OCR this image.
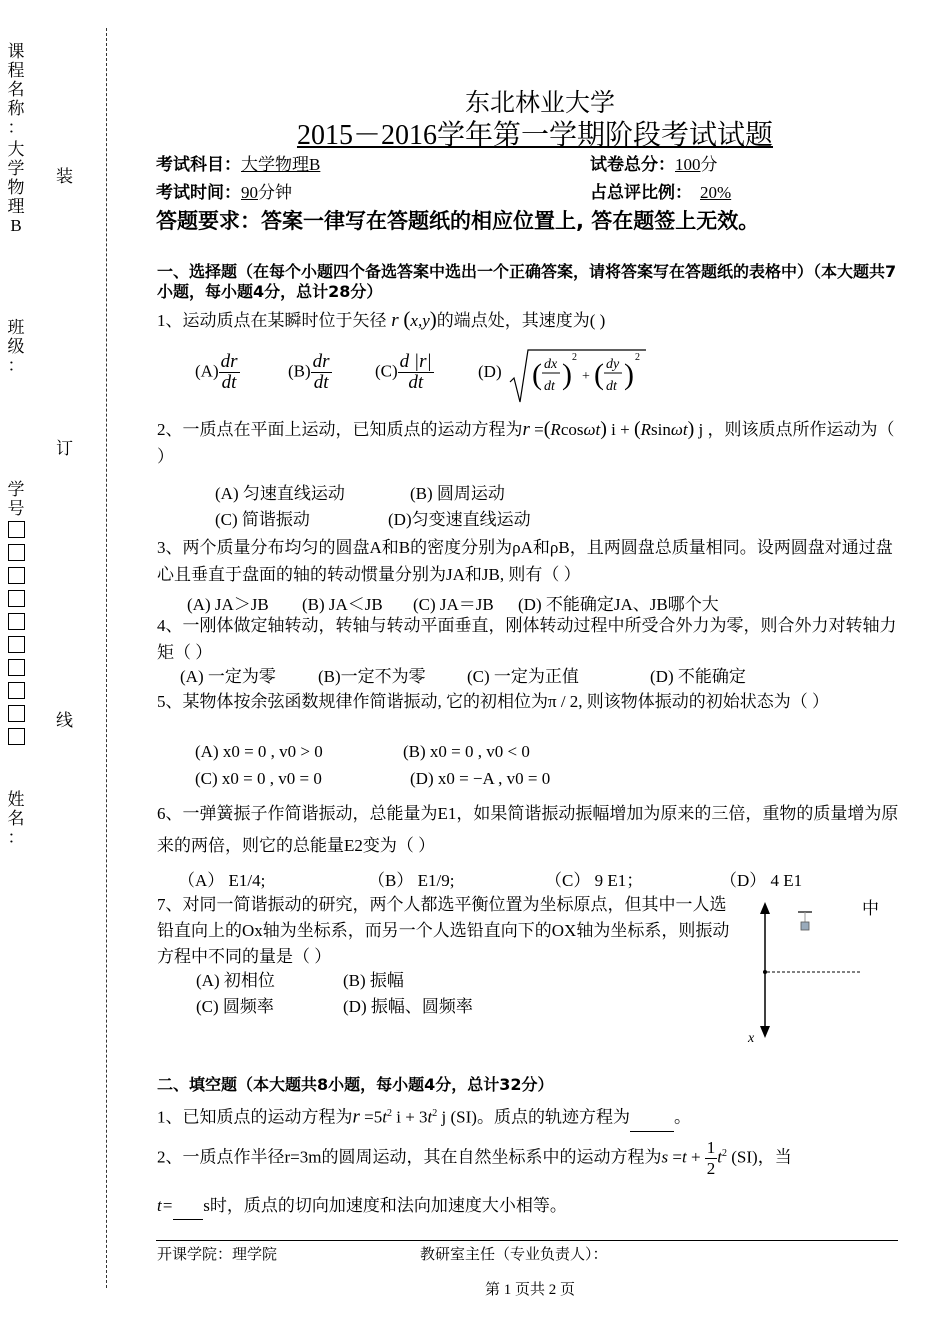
课
程
名
称
：
大
学
物
理
B
班
级
：
学
号
姓
名
：
装
订
线
东北林业大学
2015－2016学年第一学期阶段考试试题
考试科目：大学物理B	试卷总分：100分
考试时间：90分钟	占总评比例： 20%
答题要求：答案一律写在答题纸的相应位置上, 答在题签上无效。
一、选择题（在每个小题四个备选答案中选出一个正确答案，请将答案写在答题纸的表格中）（本大题共7小题，每小题4分，总计28分）
1、运动质点在某瞬时位于矢径 r (x,y)的端点处，其速度为( )
$(A) \frac{dr}{dt}$	$(B) \frac{dr}{dt}$	$(C) \frac{d |r|}{dt}$	(D) ( dx
dt )
2
+ ( dy
dt )
2
2、一质点在平面上运动，已知质点的运动方程为r =(Rcosωt) i + (Rsinωt) j ，则该质点所作运动为（ ）
(A) 匀速直线运动	(B) 圆周运动
(C) 简谐振动	(D)匀变速直线运动
3、两个质量分布均匀的圆盘A和B的密度分别为ρA和ρB，且两圆盘总质量相同。设两圆盘对通过盘心且垂直于盘面的轴的转动惯量分别为JA和JB, 则有（ ）
(A) JA＞JB (B) JA＜JB (C) JA＝JB (D) 不能确定JA、JB哪个大
4、一刚体做定轴转动，转轴与转动平面垂直，刚体转动过程中所受合外力为零，则合外力对转轴力矩（ ）
(A) 一定为零 (B)一定不为零 (C) 一定为正值	(D) 不能确定
5、某物体按余弦函数规律作简谐振动, 它的初相位为π / 2, 则该物体振动的初始状态为（ ）
(A) x0 = 0 , v0 > 0	(B) x0 = 0 , v0 < 0
(C) x0 = 0 , v0 = 0	(D) x0 = −A , v0 = 0
6、一弹簧振子作简谐振动，总能量为E1，如果简谐振动振幅增加为原来的三倍，重物的质量增为原来的两倍，则它的总能量E2变为（ ）
（A） E1/4;	（B） E1/9;	（C） 9 E1；	（D） 4 E1
7、对同一简谐振动的研究，两个人都选平衡位置为坐标原点，但其中一人选铅直向上的Ox轴为坐标系，而另一个人选铅直向下的OX轴为坐标系，则振动方程中不同的量是（ ）
中
(A) 初相位	(B) 振幅
(C) 圆频率	(D) 振幅、圆频率
x
二、填空题（本大题共8小题，每小题4分，总计32分）
1、已知质点的运动方程为$r =5t^2$ $i + 3t^2$ j (SI)。质点的轨迹方程为	。
2、一质点作半径r=3m的圆周运动，其在自然坐标系中的运动方程为$s =t + \frac{1}{2} t^2$ (SI)，当
t= s时，质点的切向加速度和法向加速度大小相等。
开课学院：理学院	教研室主任（专业负责人）：
第 1 页共 2 页
